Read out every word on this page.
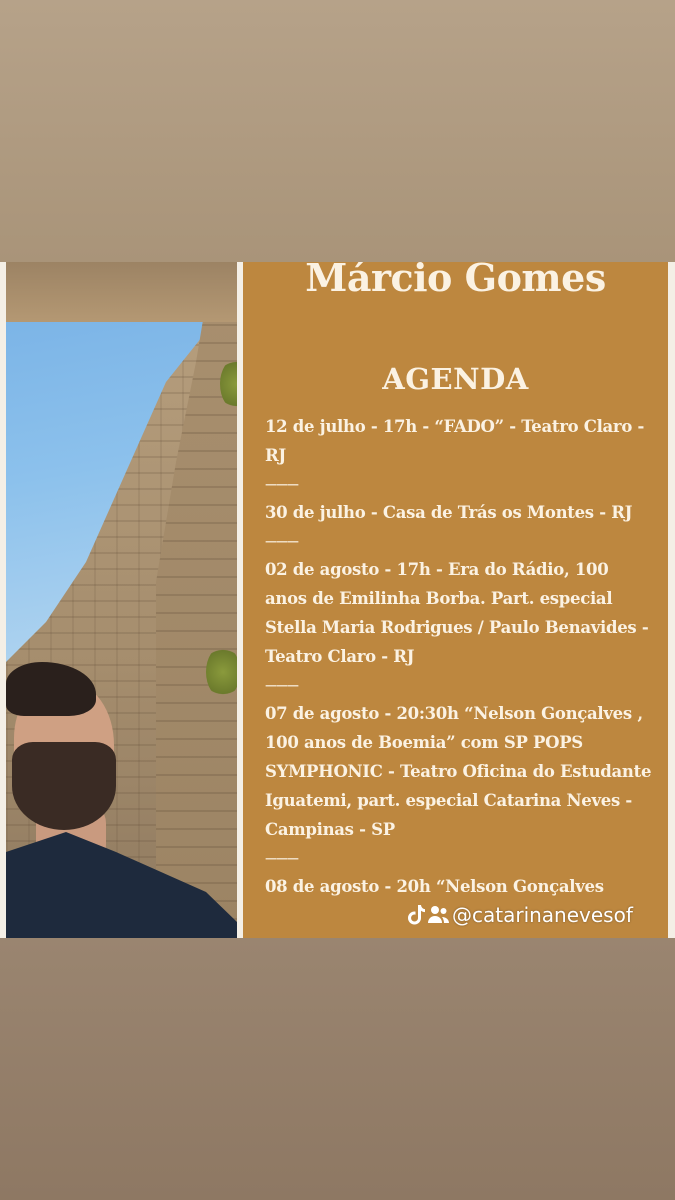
Márcio Gomes
AGENDA

12 de julho - 17h - “FADO” - Teatro Claro - RJ

———

30 de julho - Casa de Trás os Montes - RJ

———

02 de agosto - 17h - Era do Rádio, 100 anos de Emilinha Borba. Part. especial Stella Maria Rodrigues / Paulo Benavides - Teatro Claro - RJ

———

07 de agosto - 20:30h “Nelson Gonçalves , 100 anos de Boemia” com SP POPS SYMPHONIC - Teatro Oficina do Estudante Iguatemi, part. especial Catarina Neves - Campinas - SP

———

08 de agosto - 20h “Nelson Gonçalves

@catarinanevesof
